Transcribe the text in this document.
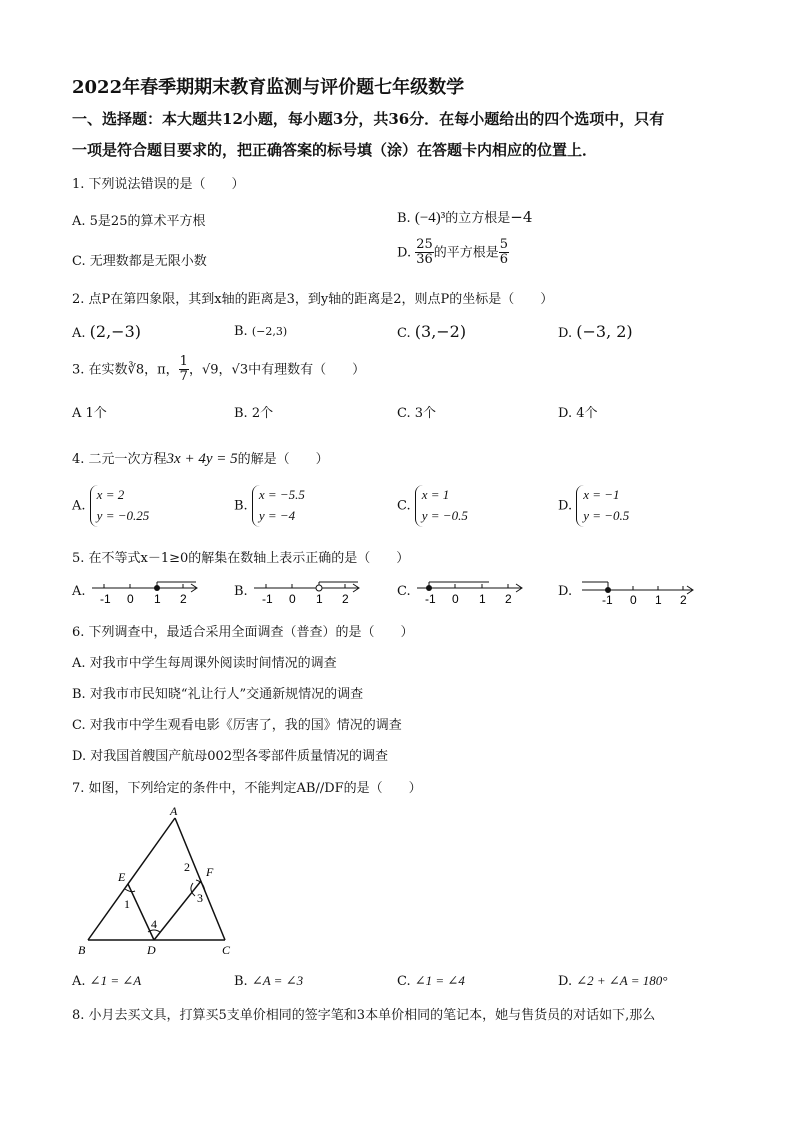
2022年春季期期末教育监测与评价题七年级数学
一、选择题：本大题共12小题，每小题3分，共36分．在每小题给出的四个选项中，只有
一项是符合题目要求的，把正确答案的标号填（涂）在答题卡内相应的位置上．
1. 下列说法错误的是（　　）
A. 5是25的算术平方根	B. (−4)³的立方根是−4
C. 无理数都是无限小数
D. $\frac{25}{36}$ 的平方根是 $\frac{5}{6}$
2. 点P在第四象限，其到x轴的距离是3，到y轴的距离是2，则点P的坐标是（　　）
A. (2,−3)	B. (−2,3)	C. (3,−2)	D. (−3, 2)
3. 在实数∛8，π， $\frac{1}{7}$ ，√9，√3中有理数有（　　）
A 1个	B. 2个	C. 3个	D. 4个
4. 二元一次方程3x + 4y = 5的解是（　　）
A.
x = 2
y = −0.25
B.
x = −5.5
y = −4
C.
x = 1
y = −0.5
D.
x = −1
y = −0.5
5. 在不等式x－1≥0的解集在数轴上表示正确的是（　　）
A.	B.	C.	D.
-1 0 1 2	-1 0 1 2	-1 0 1 2	-1 0 1 2
6. 下列调查中，最适合采用全面调查（普查）的是（　　）
A. 对我市中学生每周课外阅读时间情况的调查
B. 对我市市民知晓“礼让行人”交通新规情况的调查
C. 对我市中学生观看电影《厉害了，我的国》情况的调查
D. 对我国首艘国产航母002型各零部件质量情况的调查
7. 如图，下列给定的条件中，不能判定AB//DF的是（　　）
A
B	C
D
E	F
1
2
3
4
A. ∠1 = ∠A	B. ∠A = ∠3	C. ∠1 = ∠4	D. ∠2 + ∠A = 180°
8. 小月去买文具，打算买5支单价相同的签字笔和3本单价相同的笔记本，她与售货员的对话如下,那么
